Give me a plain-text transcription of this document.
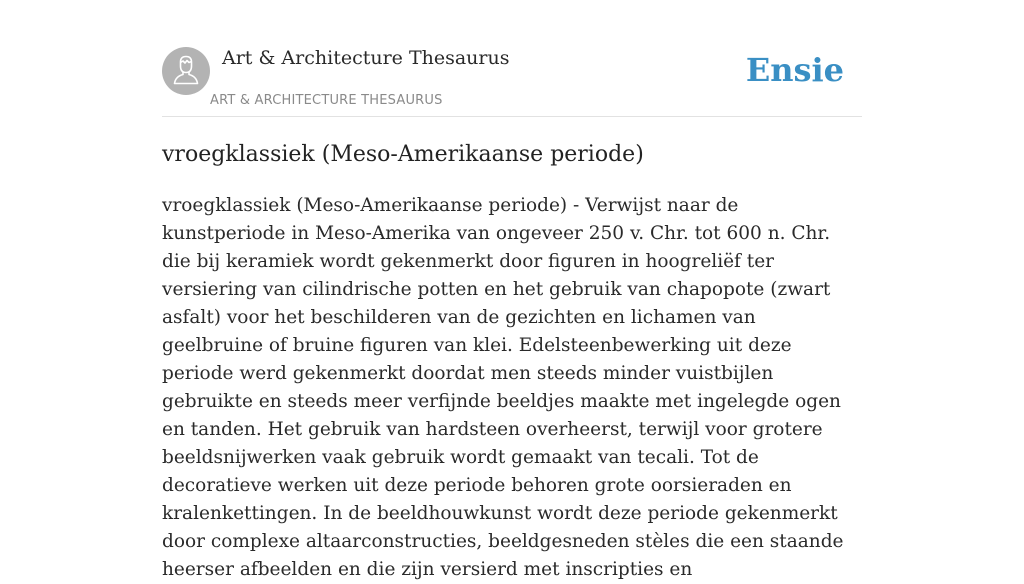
Art & Architecture Thesaurus
ART & ARCHITECTURE THESAURUS
Ensie
vroegklassiek (Meso-Amerikaanse periode)

vroegklassiek (Meso-Amerikaanse periode) - Verwijst naar de kunstperiode in Meso-Amerika van ongeveer 250 v. Chr. tot 600 n. Chr. die bij keramiek wordt gekenmerkt door figuren in hoogreliëf ter versiering van cilindrische potten en het gebruik van chapopote (zwart asfalt) voor het beschilderen van de gezichten en lichamen van geelbruine of bruine figuren van klei. Edelsteenbewerking uit deze periode werd gekenmerkt doordat men steeds minder vuistbijlen gebruikte en steeds meer verfijnde beeldjes maakte met ingelegde ogen en tanden. Het gebruik van hardsteen overheerst, terwijl voor grotere beeldsnijwerken vaak gebruik wordt gemaakt van tecali. Tot de decoratieve werken uit deze periode behoren grote oorsieraden en kralenkettingen. In de beeldhouwkunst wordt deze periode gekenmerkt door complexe altaarconstructies, beeldgesneden stèles die een staande heerser afbeelden en die zijn versierd met inscripties en
